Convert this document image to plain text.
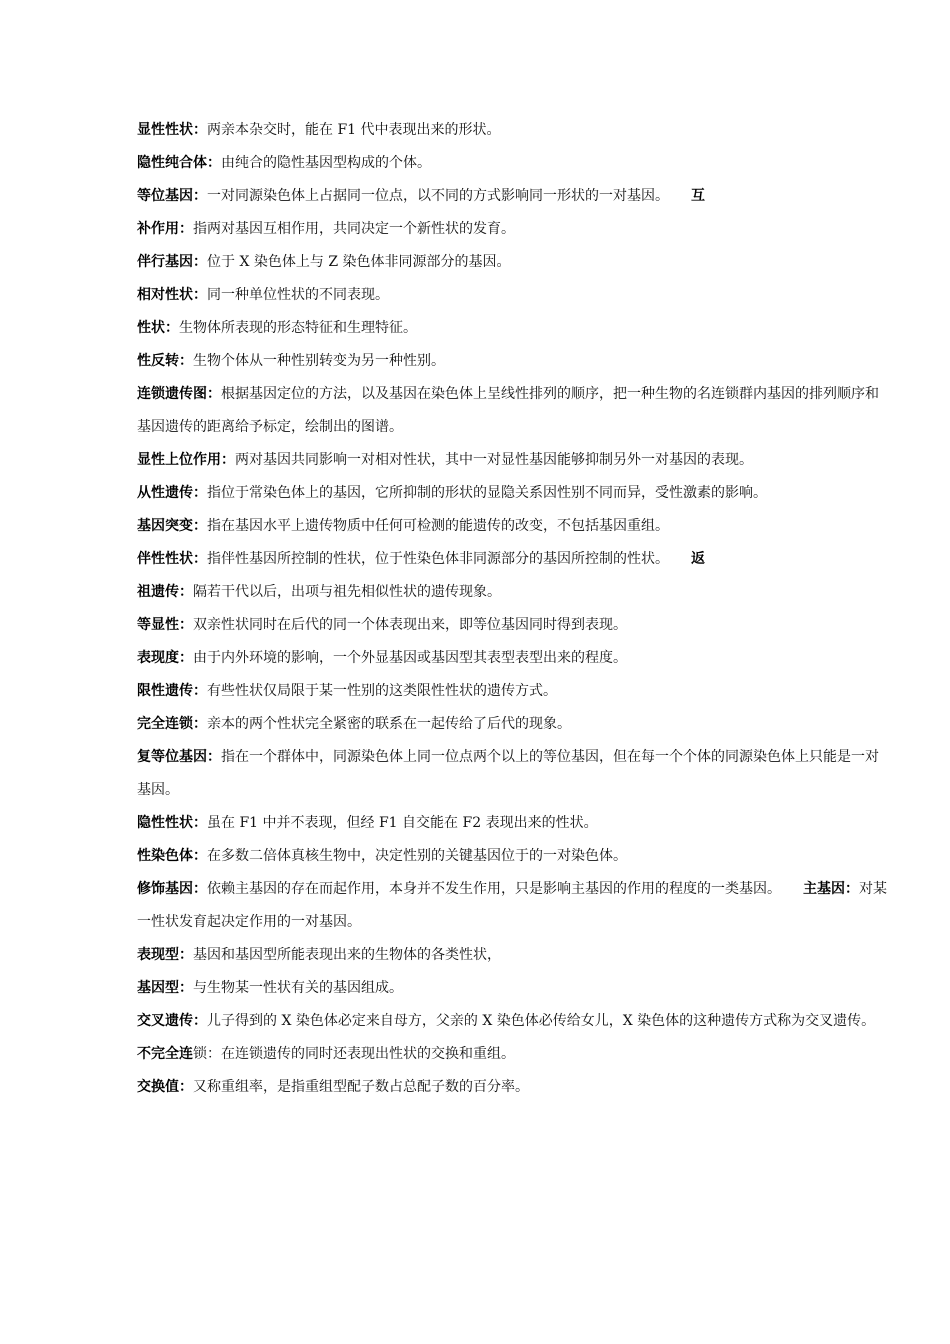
显性性状：两亲本杂交时，能在 F1 代中表现出来的形状。

隐性纯合体：由纯合的隐性基因型构成的个体。

等位基因：一对同源染色体上占据同一位点，以不同的方式影响同一形状的一对基因。 互

补作用：指两对基因互相作用，共同决定一个新性状的发育。

伴行基因：位于 X 染色体上与 Z 染色体非同源部分的基因。

相对性状：同一种单位性状的不同表现。

性状：生物体所表现的形态特征和生理特征。

性反转：生物个体从一种性别转变为另一种性别。

连锁遗传图：根据基因定位的方法，以及基因在染色体上呈线性排列的顺序，把一种生物的名连锁群内基因的排列顺序和基因遗传的距离给予标定，绘制出的图谱。

显性上位作用：两对基因共同影响一对相对性状，其中一对显性基因能够抑制另外一对基因的表现。

从性遗传：指位于常染色体上的基因，它所抑制的形状的显隐关系因性别不同而异，受性激素的影响。

基因突变：指在基因水平上遗传物质中任何可检测的能遗传的改变，不包括基因重组。

伴性性状：指伴性基因所控制的性状，位于性染色体非同源部分的基因所控制的性状。 返

祖遗传：隔若干代以后，出项与祖先相似性状的遗传现象。

等显性：双亲性状同时在后代的同一个体表现出来，即等位基因同时得到表现。

表现度：由于内外环境的影响，一个外显基因或基因型其表型表型出来的程度。

限性遗传：有些性状仅局限于某一性别的这类限性性状的遗传方式。

完全连锁：亲本的两个性状完全紧密的联系在一起传给了后代的现象。

复等位基因：指在一个群体中，同源染色体上同一位点两个以上的等位基因，但在每一个个体的同源染色体上只能是一对基因。

隐性性状：虽在 F1 中并不表现，但经 F1 自交能在 F2 表现出来的性状。

性染色体：在多数二倍体真核生物中，决定性别的关键基因位于的一对染色体。

修饰基因：依赖主基因的存在而起作用，本身并不发生作用，只是影响主基因的作用的程度的一类基因。 主基因：对某一性状发育起决定作用的一对基因。

表现型：基因和基因型所能表现出来的生物体的各类性状，

基因型：与生物某一性状有关的基因组成。

交叉遗传：儿子得到的 X 染色体必定来自母方，父亲的 X 染色体必传给女儿，X 染色体的这种遗传方式称为交叉遗传。

不完全连锁：在连锁遗传的同时还表现出性状的交换和重组。

交换值：又称重组率，是指重组型配子数占总配子数的百分率。
